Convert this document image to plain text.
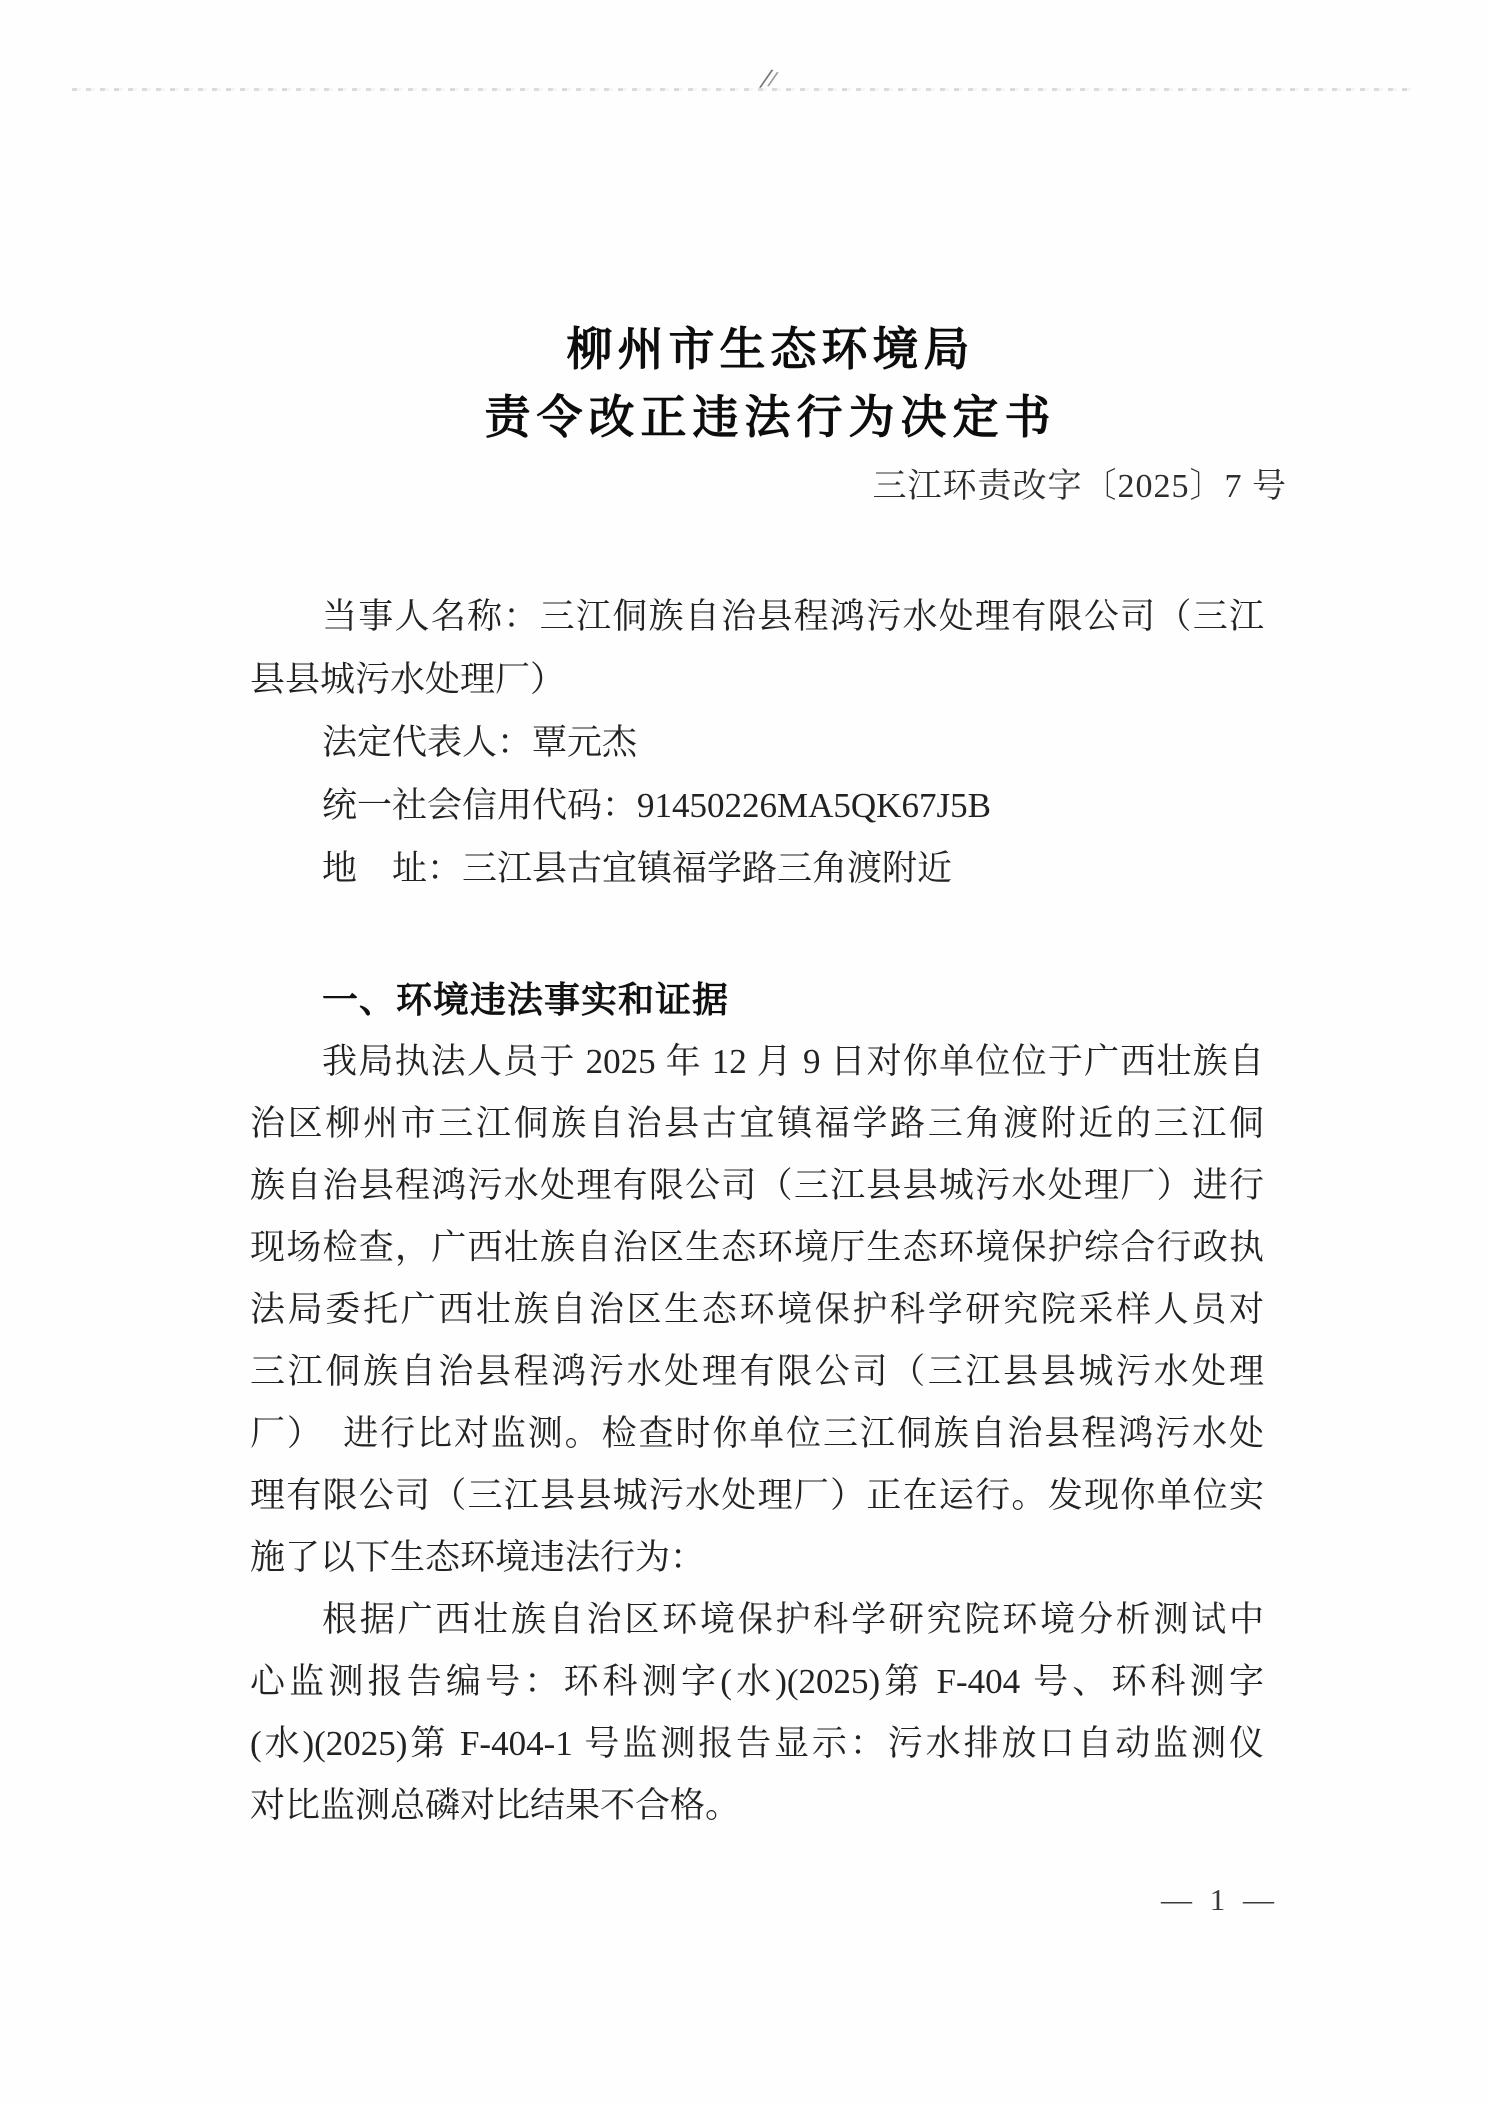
柳州市生态环境局
责令改正违法行为决定书
三江环责改字〔2025〕7 号
当事人名称：三江侗族自治县程鸿污水处理有限公司（三江
县县城污水处理厂）
法定代表人：覃元杰
统一社会信用代码：91450226MA5QK67J5B
地　址：三江县古宜镇福学路三角渡附近
一、环境违法事实和证据
我局执法人员于 2025 年 12 月 9 日对你单位位于广西壮族自
治区柳州市三江侗族自治县古宜镇福学路三角渡附近的三江侗
族自治县程鸿污水处理有限公司（三江县县城污水处理厂）进行
现场检查，广西壮族自治区生态环境厅生态环境保护综合行政执
法局委托广西壮族自治区生态环境保护科学研究院采样人员对
三江侗族自治县程鸿污水处理有限公司（三江县县城污水处理
厂）　进行比对监测。检查时你单位三江侗族自治县程鸿污水处
理有限公司（三江县县城污水处理厂）正在运行。发现你单位实
施了以下生态环境违法行为：
根据广西壮族自治区环境保护科学研究院环境分析测试中
心监测报告编号：环科测字(水)(2025)第 F-404 号、环科测字
(水)(2025)第 F-404-1 号监测报告显示：污水排放口自动监测仪
对比监测总磷对比结果不合格。
— 1 —
